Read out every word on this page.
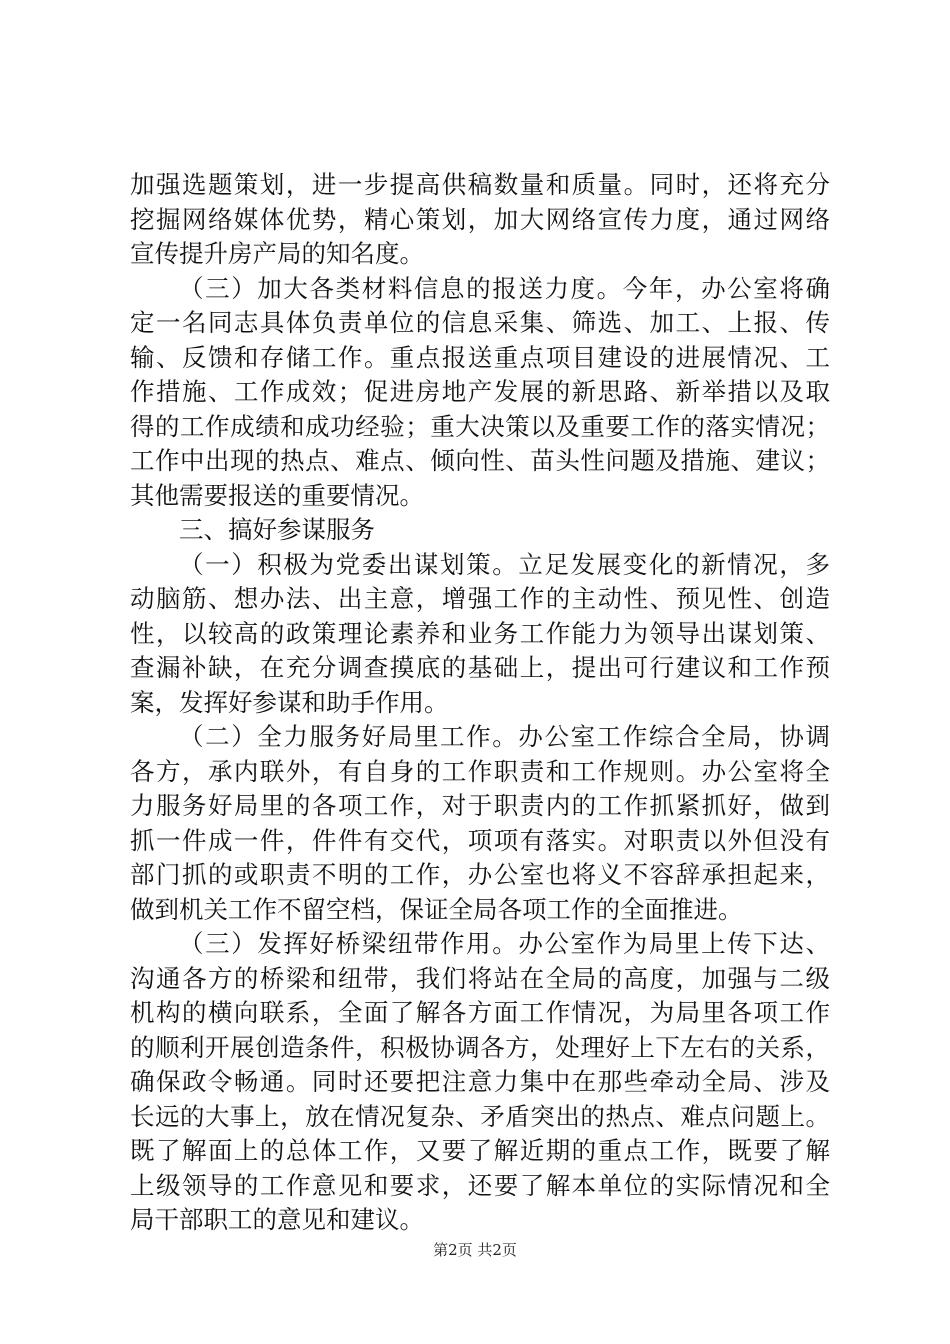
加强选题策划，进一步提高供稿数量和质量。同时，还将充分
挖掘网络媒体优势，精心策划，加大网络宣传力度，通过网络
宣传提升房产局的知名度。
（三）加大各类材料信息的报送力度。今年，办公室将确
定一名同志具体负责单位的信息采集、筛选、加工、上报、传
输、反馈和存储工作。重点报送重点项目建设的进展情况、工
作措施、工作成效；促进房地产发展的新思路、新举措以及取
得的工作成绩和成功经验；重大决策以及重要工作的落实情况；
工作中出现的热点、难点、倾向性、苗头性问题及措施、建议；
其他需要报送的重要情况。
三、搞好参谋服务
（一）积极为党委出谋划策。立足发展变化的新情况，多
动脑筋、想办法、出主意，增强工作的主动性、预见性、创造
性，以较高的政策理论素养和业务工作能力为领导出谋划策、
查漏补缺，在充分调查摸底的基础上，提出可行建议和工作预
案，发挥好参谋和助手作用。
（二）全力服务好局里工作。办公室工作综合全局，协调
各方，承内联外，有自身的工作职责和工作规则。办公室将全
力服务好局里的各项工作，对于职责内的工作抓紧抓好，做到
抓一件成一件，件件有交代，项项有落实。对职责以外但没有
部门抓的或职责不明的工作，办公室也将义不容辞承担起来，
做到机关工作不留空档，保证全局各项工作的全面推进。
（三）发挥好桥梁纽带作用。办公室作为局里上传下达、
沟通各方的桥梁和纽带，我们将站在全局的高度，加强与二级
机构的横向联系，全面了解各方面工作情况，为局里各项工作
的顺利开展创造条件，积极协调各方，处理好上下左右的关系，
确保政令畅通。同时还要把注意力集中在那些牵动全局、涉及
长远的大事上，放在情况复杂、矛盾突出的热点、难点问题上。
既了解面上的总体工作，又要了解近期的重点工作，既要了解
上级领导的工作意见和要求，还要了解本单位的实际情况和全
局干部职工的意见和建议。
第2页 共2页
